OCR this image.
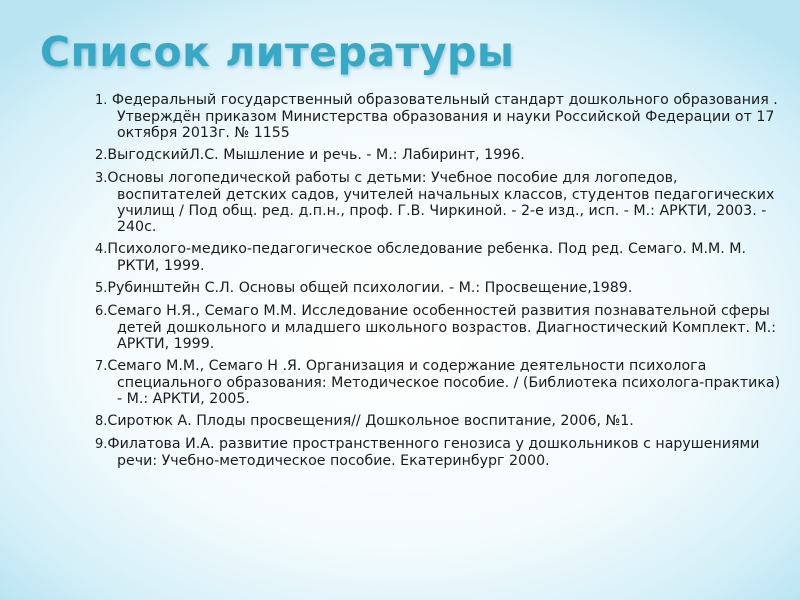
Список литературы
1. Федеральный государственный образовательный стандарт дошкольного образования . Утверждён приказом Министерства образования и науки Российской Федерации от 17 октября 2013г. № 1155
2.ВыгодскийЛ.С. Мышление и речь. - М.: Лабиринт, 1996.
3.Основы логопедической работы с детьми: Учебное пособие для логопедов, воспитателей детских садов, учителей начальных классов, студентов педагогических училищ / Под общ. ред. д.п.н., проф. Г.В. Чиркиной. - 2-е изд., исп. - М.: АРКТИ, 2003. - 240с.
4.Психолого-медико-педагогическое обследование ребенка. Под ред. Семаго. М.М. М. РКТИ, 1999.
5.Рубинштейн С.Л. Основы общей психологии. - М.: Просвещение,1989.
6.Семаго Н.Я., Семаго М.М. Исследование особенностей развития познавательной сферы детей дошкольного и младшего школьного возрастов. Диагностический Комплект. М.: АРКТИ, 1999.
7.Семаго М.М., Семаго Н .Я. Организация и содержание деятельности психолога специального образования: Методическое пособие. / (Библиотека психолога-практика) - М.: АРКТИ, 2005.
8.Сиротюк А. Плоды просвещения// Дошкольное воспитание, 2006, №1.
9.Филатова И.А. развитие пространственного генозиса у дошкольников с нарушениями речи: Учебно-методическое пособие. Екатеринбург 2000.
